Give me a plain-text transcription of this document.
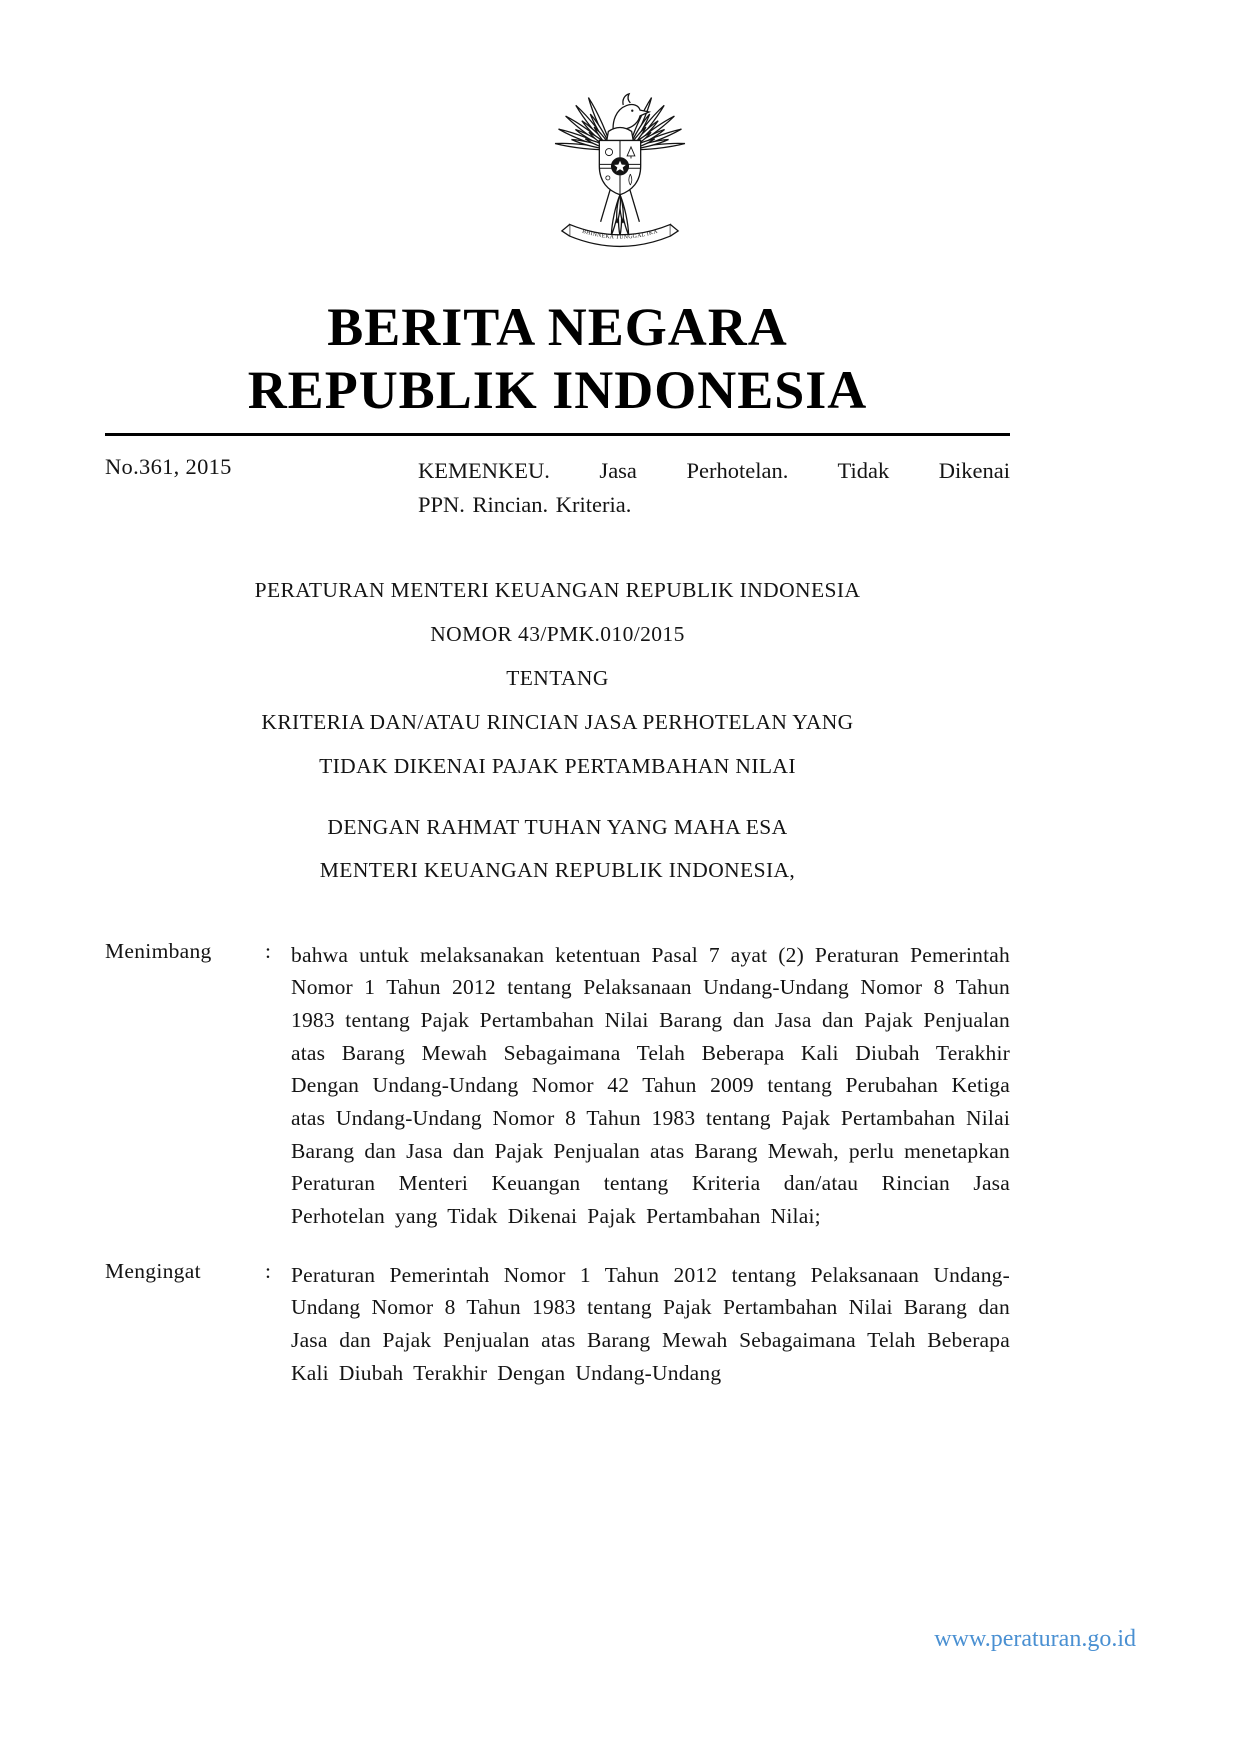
BHINNEKA TUNGGAL IKA
BERITA NEGARA
REPUBLIK INDONESIA
No.361, 2015	KEMENKEU. Jasa Perhotelan. Tidak Dikenai
PPN. Rincian. Kriteria.

PERATURAN MENTERI KEUANGAN REPUBLIK INDONESIA

NOMOR 43/PMK.010/2015

TENTANG

KRITERIA DAN/ATAU RINCIAN JASA PERHOTELAN YANG

TIDAK DIKENAI PAJAK PERTAMBAHAN NILAI

DENGAN RAHMAT TUHAN YANG MAHA ESA

MENTERI KEUANGAN REPUBLIK INDONESIA,

Menimbang	: bahwa untuk melaksanakan ketentuan Pasal 7 ayat (2) Peraturan Pemerintah Nomor 1 Tahun 2012 tentang Pelaksanaan Undang-Undang Nomor 8 Tahun 1983 tentang Pajak Pertambahan Nilai Barang dan Jasa dan Pajak Penjualan atas Barang Mewah Sebagaimana Telah Beberapa Kali Diubah Terakhir Dengan Undang-Undang Nomor 42 Tahun 2009 tentang Perubahan Ketiga atas Undang-Undang Nomor 8 Tahun 1983 tentang Pajak Pertambahan Nilai Barang dan Jasa dan Pajak Penjualan atas Barang Mewah, perlu menetapkan Peraturan Menteri Keuangan tentang Kriteria dan/atau Rincian Jasa Perhotelan yang Tidak Dikenai Pajak Pertambahan Nilai;
Mengingat	: Peraturan Pemerintah Nomor 1 Tahun 2012 tentang Pelaksanaan Undang-Undang Nomor 8 Tahun 1983 tentang Pajak Pertambahan Nilai Barang dan Jasa dan Pajak Penjualan atas Barang Mewah Sebagaimana Telah Beberapa Kali Diubah Terakhir Dengan Undang-Undang
www.peraturan.go.id
